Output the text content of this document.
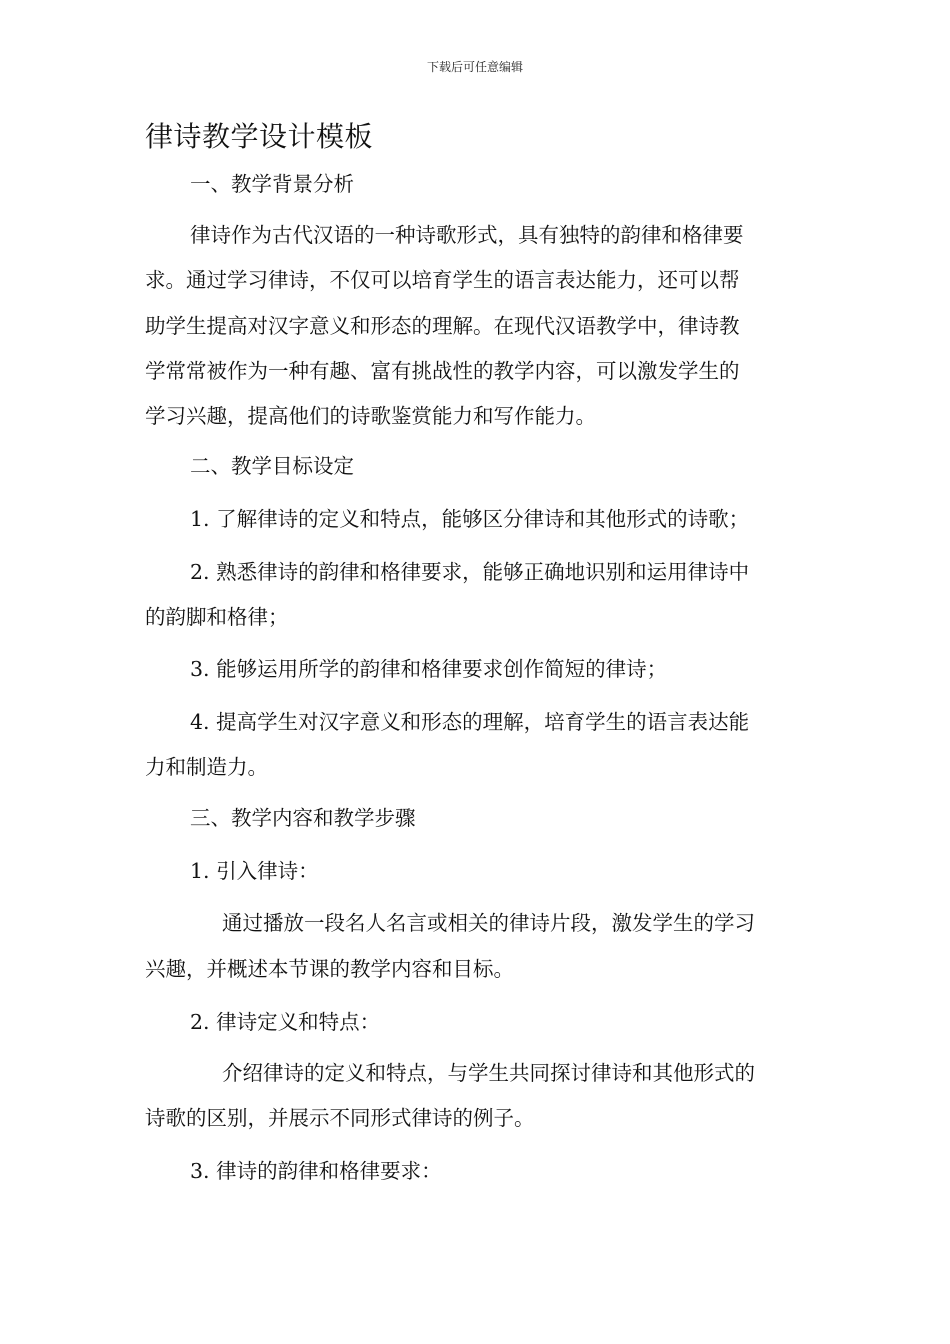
下载后可任意编辑
律诗教学设计模板

一、教学背景分析

律诗作为古代汉语的一种诗歌形式，具有独特的韵律和格律要

求。通过学习律诗，不仅可以培育学生的语言表达能力，还可以帮

助学生提高对汉字意义和形态的理解。在现代汉语教学中，律诗教

学常常被作为一种有趣、富有挑战性的教学内容，可以激发学生的

学习兴趣，提高他们的诗歌鉴赏能力和写作能力。

二、教学目标设定

1. 了解律诗的定义和特点，能够区分律诗和其他形式的诗歌；

2. 熟悉律诗的韵律和格律要求，能够正确地识别和运用律诗中

的韵脚和格律；

3. 能够运用所学的韵律和格律要求创作简短的律诗；

4. 提高学生对汉字意义和形态的理解，培育学生的语言表达能

力和制造力。

三、教学内容和教学步骤

1. 引入律诗：

通过播放一段名人名言或相关的律诗片段，激发学生的学习

兴趣，并概述本节课的教学内容和目标。

2. 律诗定义和特点：

介绍律诗的定义和特点，与学生共同探讨律诗和其他形式的

诗歌的区别，并展示不同形式律诗的例子。

3. 律诗的韵律和格律要求：
